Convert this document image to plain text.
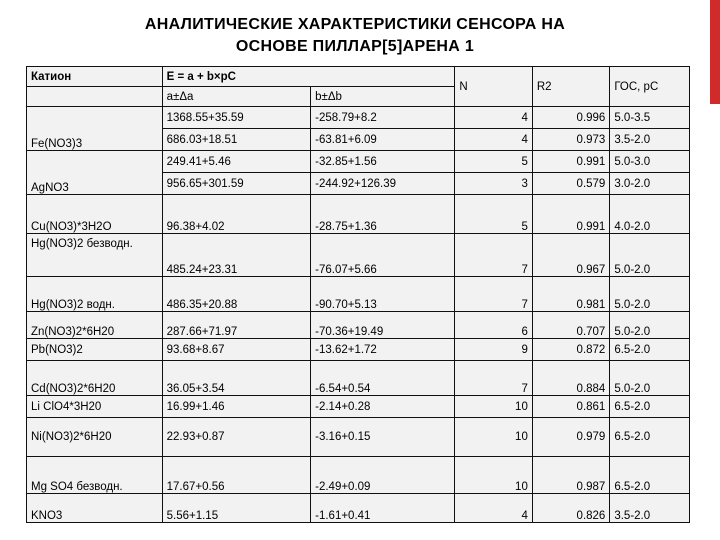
АНАЛИТИЧЕСКИЕ ХАРАКТЕРИСТИКИ СЕНСОРА НА
ОСНОВЕ ПИЛЛАР[5]АРЕНА 1
Катион	E = a + b×pC		N	R2	ГОС, pC
	a±Δa	b±Δb			
Fe(NO3)3	1368.55+35.59	-258.79+8.2	4	0.996	5.0-3.5
	686.03+18.51	-63.81+6.09	4	0.973	3.5-2.0
AgNO3	249.41+5.46	-32.85+1.56	5	0.991	5.0-3.0
	956.65+301.59	-244.92+126.39	3	0.579	3.0-2.0
Cu(NO3)*3H2O	96.38+4.02	-28.75+1.36	5	0.991	4.0-2.0
Hg(NO3)2 безводн.	485.24+23.31	-76.07+5.66	7	0.967	5.0-2.0
Hg(NO3)2 водн.	486.35+20.88	-90.70+5.13	7	0.981	5.0-2.0
Zn(NO3)2*6H20	287.66+71.97	-70.36+19.49	6	0.707	5.0-2.0
Pb(NO3)2	93.68+8.67	-13.62+1.72	9	0.872	6.5-2.0
Cd(NO3)2*6H20	36.05+3.54	-6.54+0.54	7	0.884	5.0-2.0
Li ClO4*3H20	16.99+1.46	-2.14+0.28	10	0.861	6.5-2.0
Ni(NO3)2*6H20	22.93+0.87	-3.16+0.15	10	0.979	6.5-2.0
Mg SO4 безводн.	17.67+0.56	-2.49+0.09	10	0.987	6.5-2.0
KNO3	5.56+1.15	-1.61+0.41	4	0.826	3.5-2.0
